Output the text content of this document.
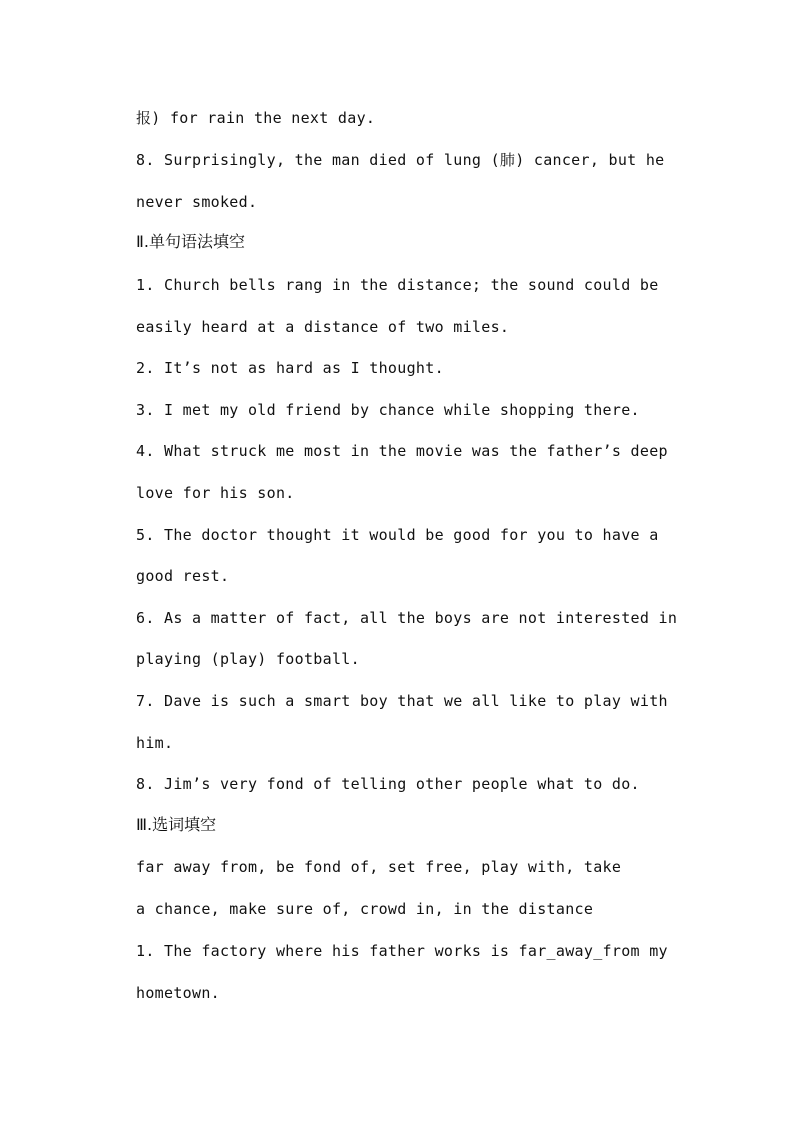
报) for rain the next day.
8. Surprisingly, the man died of lung (肺) cancer, but he
never smoked.
Ⅱ.单句语法填空
1. Church bells rang in the distance; the sound could be
easily heard at a distance of two miles.
2. It’s not as hard as I thought.
3. I met my old friend by chance while shopping there.
4. What struck me most in the movie was the father’s deep
love for his son.
5. The doctor thought it would be good for you to have a
good rest.
6. As a matter of fact, all the boys are not interested in
playing (play) football.
7. Dave is such a smart boy that we all like to play with
him.
8. Jim’s very fond of telling other people what to do.
Ⅲ.选词填空
far away from, be fond of, set free, play with, take
a chance, make sure of, crowd in, in the distance
1. The factory where his father works is far_away_from my
hometown.
